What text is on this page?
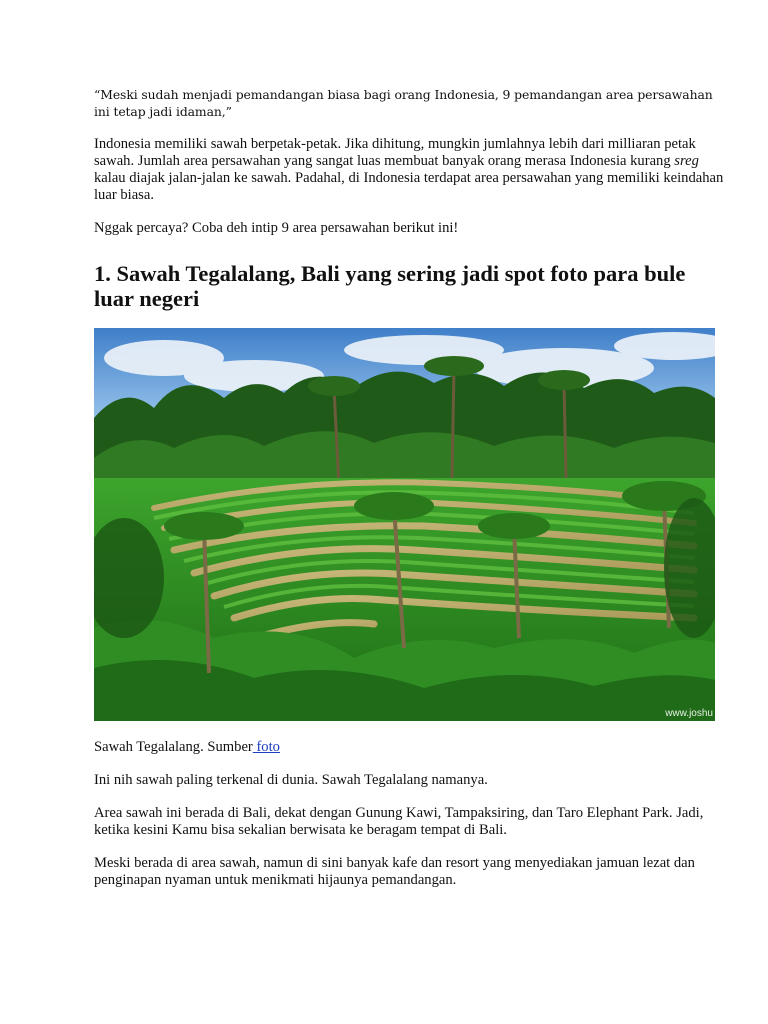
“Meski sudah menjadi pemandangan biasa bagi orang Indonesia, 9 pemandangan area persawahan ini tetap jadi idaman,”

Indonesia memiliki sawah berpetak-petak. Jika dihitung, mungkin jumlahnya lebih dari milliaran petak sawah. Jumlah area persawahan yang sangat luas membuat banyak orang merasa Indonesia kurang sreg kalau diajak jalan-jalan ke sawah. Padahal, di Indonesia terdapat area persawahan yang memiliki keindahan luar biasa.

Nggak percaya? Coba deh intip 9 area persawahan berikut ini!

1. Sawah Tegalalang, Bali yang sering jadi spot foto para bule luar negeri
www.joshu

Sawah Tegalalang. Sumber foto

Ini nih sawah paling terkenal di dunia. Sawah Tegalalang namanya.

Area sawah ini berada di Bali, dekat dengan Gunung Kawi, Tampaksiring, dan Taro Elephant Park. Jadi, ketika kesini Kamu bisa sekalian berwisata ke beragam tempat di Bali.

Meski berada di area sawah, namun di sini banyak kafe dan resort yang menyediakan jamuan lezat dan penginapan nyaman untuk menikmati hijaunya pemandangan.
